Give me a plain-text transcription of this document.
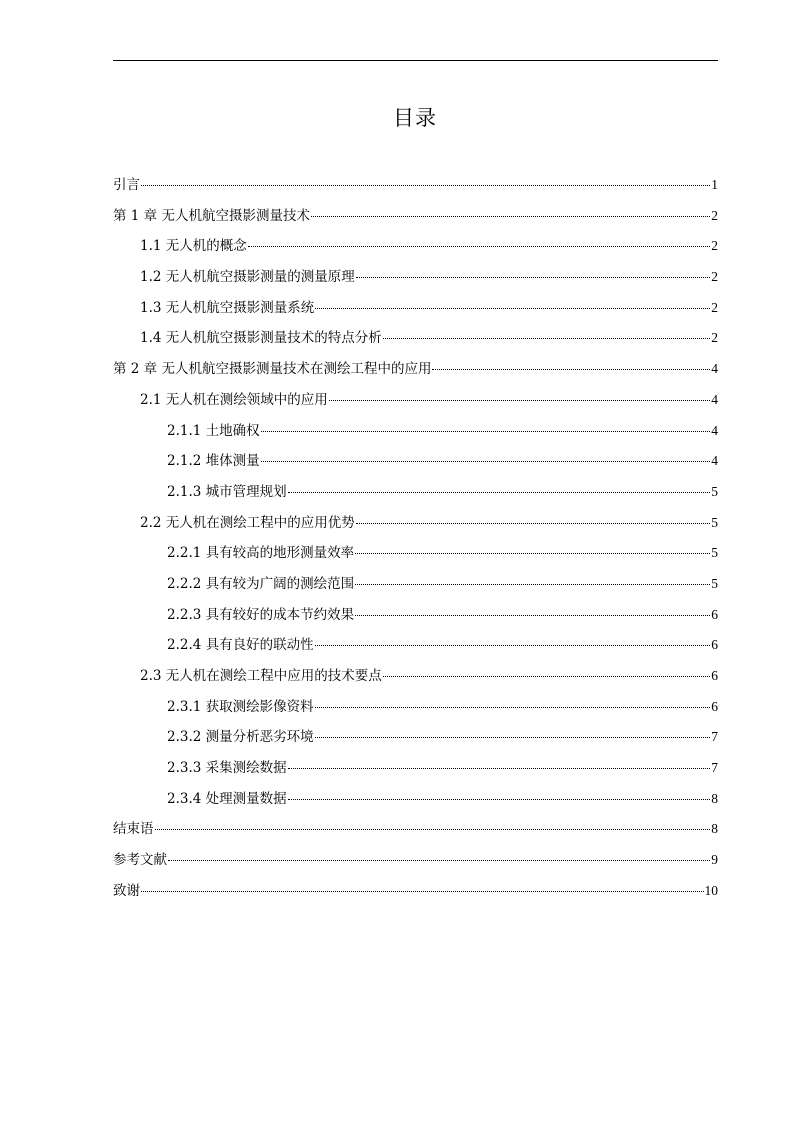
目录
引言	1
第 1 章 无人机航空摄影测量技术	2
1.1 无人机的概念	2
1.2 无人机航空摄影测量的测量原理	2
1.3 无人机航空摄影测量系统	2
1.4 无人机航空摄影测量技术的特点分析	2
第 2 章 无人机航空摄影测量技术在测绘工程中的应用	4
2.1 无人机在测绘领域中的应用	4
2.1.1 土地确权	4
2.1.2 堆体测量	4
2.1.3 城市管理规划	5
2.2 无人机在测绘工程中的应用优势	5
2.2.1 具有较高的地形测量效率	5
2.2.2 具有较为广阔的测绘范围	5
2.2.3 具有较好的成本节约效果	6
2.2.4 具有良好的联动性	6
2.3 无人机在测绘工程中应用的技术要点	6
2.3.1 获取测绘影像资料	6
2.3.2 测量分析恶劣环境	7
2.3.3 采集测绘数据	7
2.3.4 处理测量数据	8
结束语	8
参考文献	9
致谢	10
